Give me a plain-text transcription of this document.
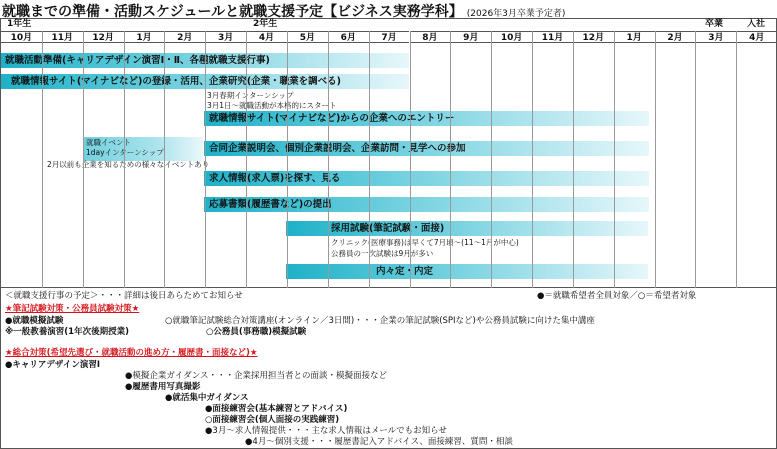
就職までの準備・活動スケジュールと就職支援予定【ビジネス実務学科】 (2026年3月卒業予定者)
1年生	2年生	卒業	入社
就職活動準備(キャリアデザイン演習Ⅰ・Ⅱ、各種就職支援行事)
就職情報サイト(マイナビなど)の登録・活用、企業研究(企業・職業を調べる)
3月春期インターンシップ
3月1日～就職活動が本格的にスタート
就職情報サイト(マイナビなど)からの企業へのエントリー
就職イベント
1dayインターンシップ
2月以前も企業を知るための様々なイベントあり
合同企業説明会、個別企業説明会、企業訪問・見学への参加
求人情報(求人票)を探す、見る
応募書類(履歴書など)の提出
採用試験(筆記試験・面接)
クリニック(医療事務)は早くて7月頃～(11～1月が中心)
公務員の一次試験は9月が多い
内々定・内定
10月	11月	12月	1月	2月	3月	4月	5月	6月	7月	8月	9月	10月	11月	12月	1月	2月	3月	4月
＜就職支援行事の予定＞・・・詳細は後日あらためてお知らせ	●＝就職希望者全員対象／○＝希望者対象
★筆記試験対策・公務員試験対策★
●就職模擬試験
※一般教養演習(1年次後期授業)
○就職筆記試験総合対策講座(オンライン／3日間)・・・企業の筆記試験(SPIなど)や公務員試験に向けた集中講座
○公務員(事務職)模擬試験
★総合対策(希望先選び・就職活動の進め方・履歴書・面接など)★
●キャリアデザイン演習Ⅰ
●模擬企業ガイダンス・・・企業採用担当者との面談・模擬面接など
●履歴書用写真撮影
●就活集中ガイダンス
●面接練習会(基本練習とアドバイス)
○面接練習会(個人面接の実践練習)
●3月～求人情報提供・・・主な求人情報はメールでもお知らせ
●4月～個別支援・・・履歴書記入アドバイス、面接練習、質問・相談
